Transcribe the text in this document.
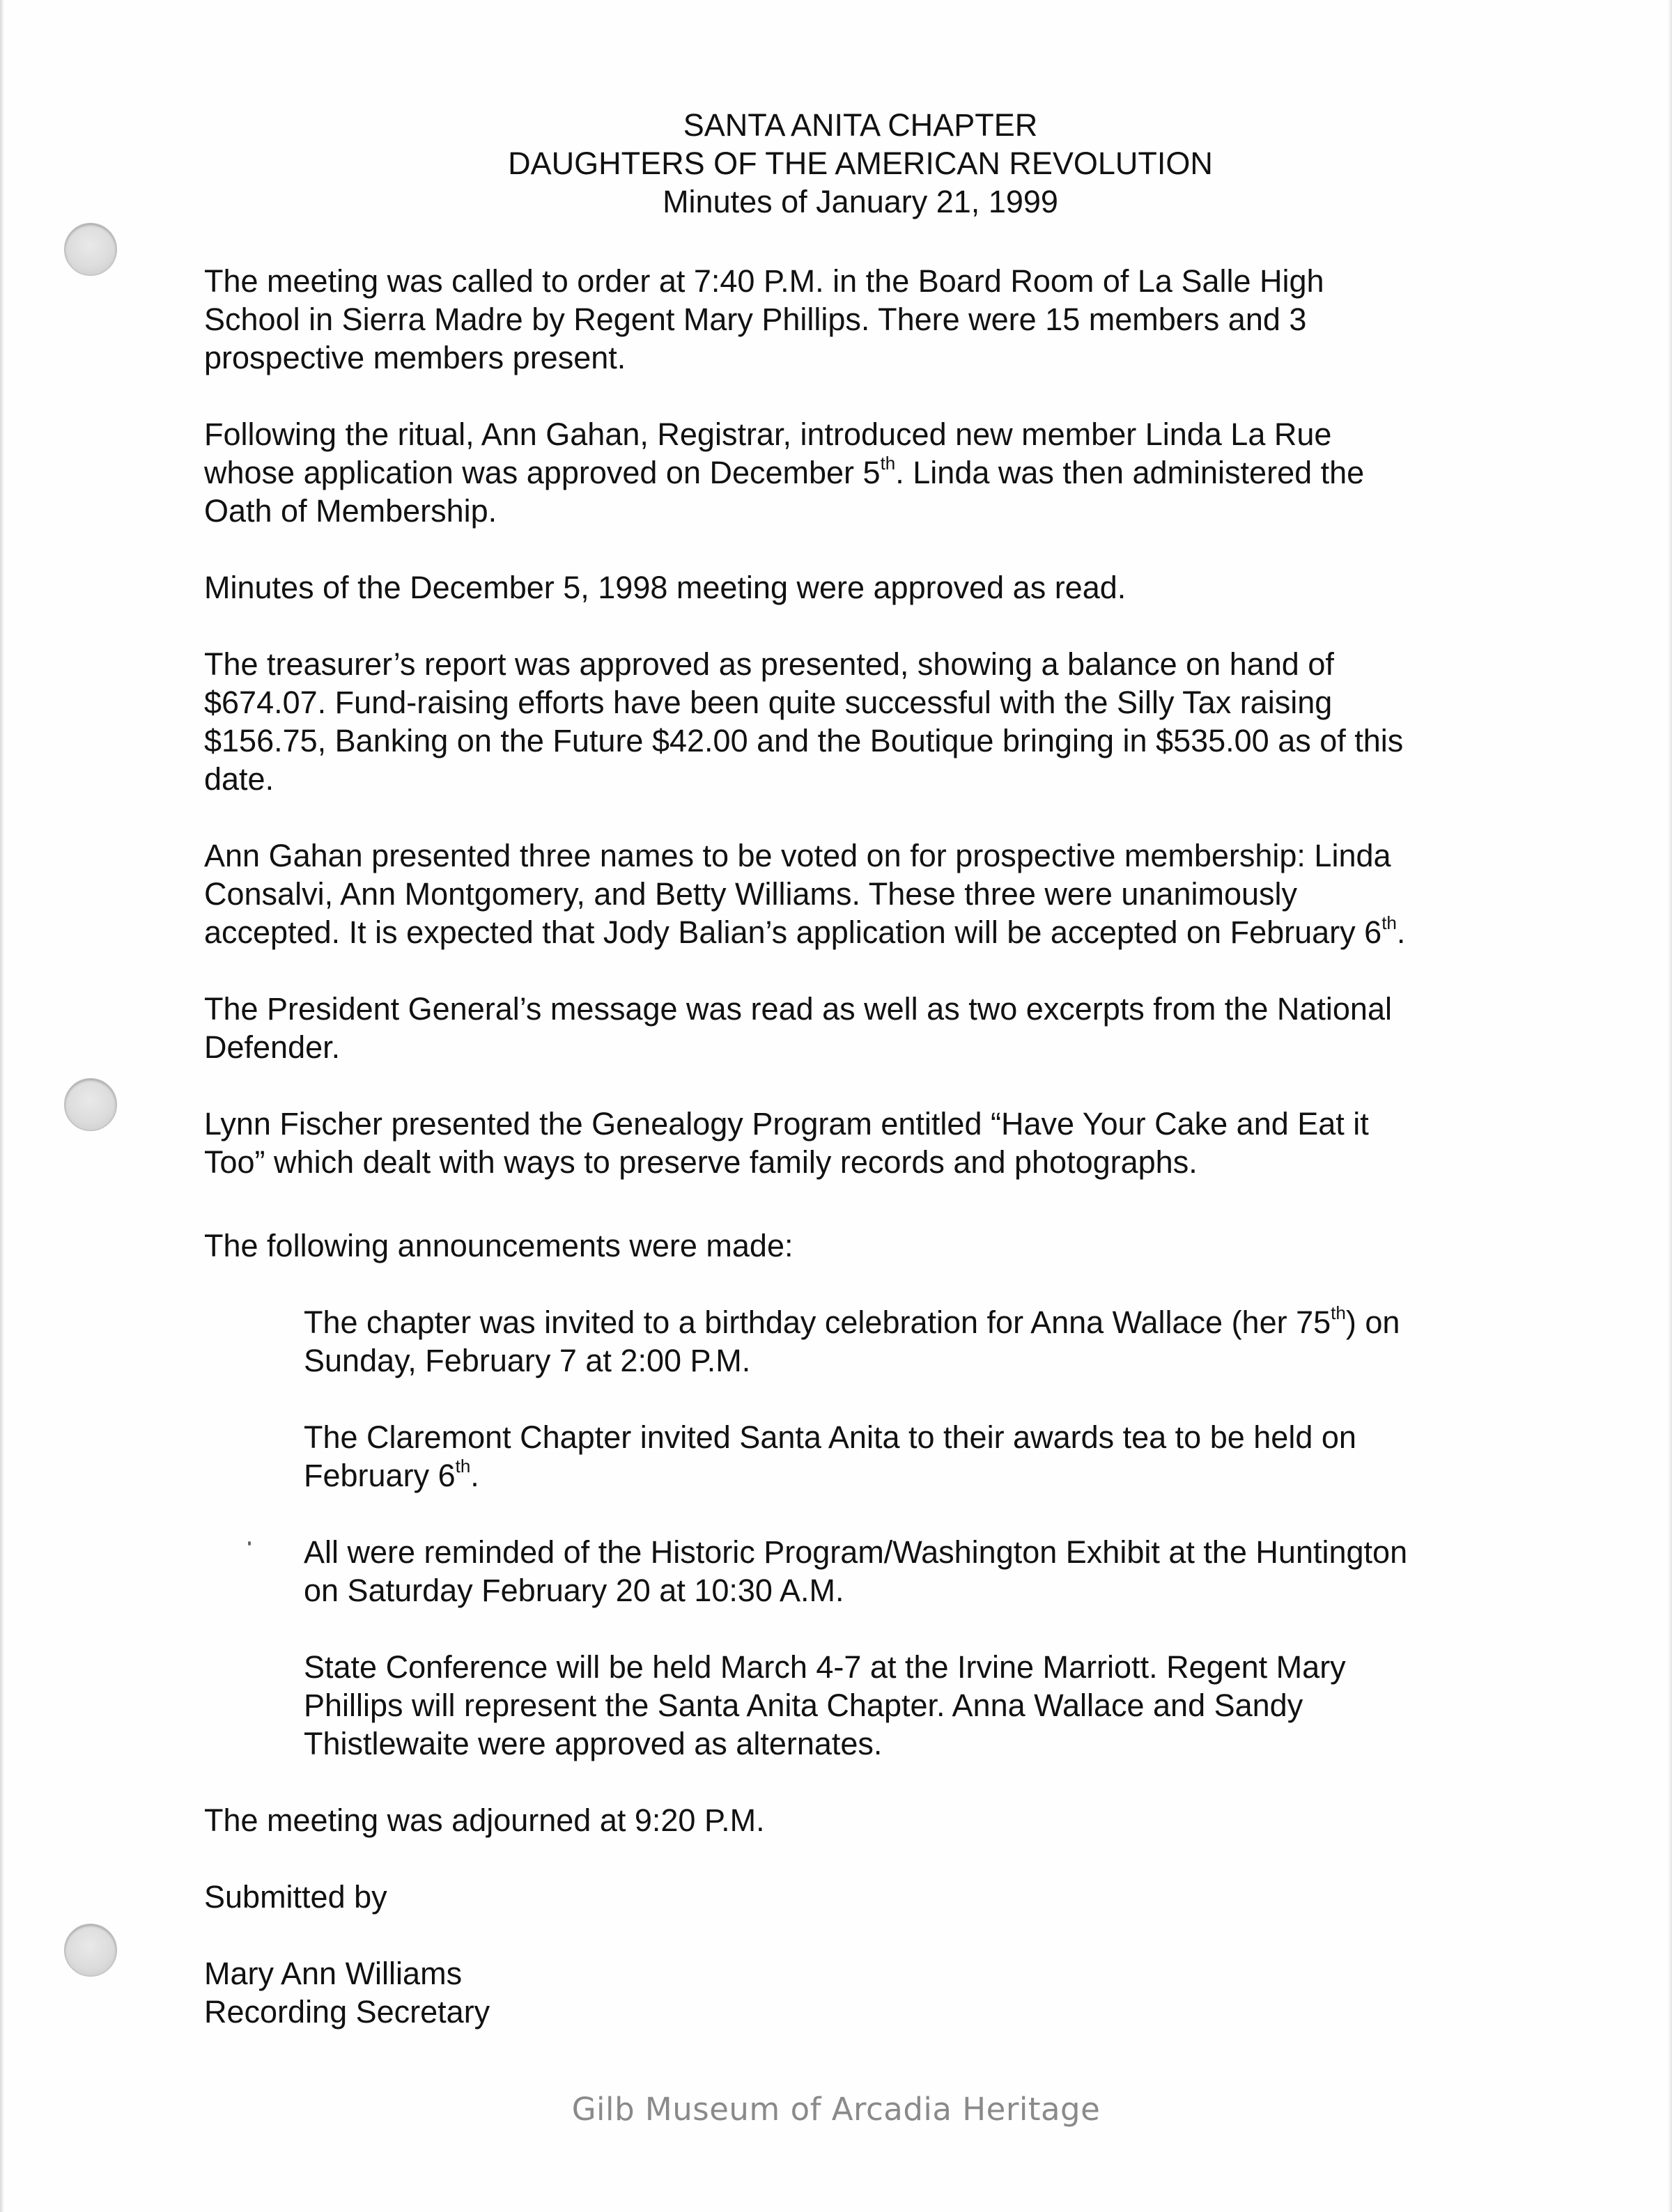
SANTA ANITA CHAPTER
DAUGHTERS OF THE AMERICAN REVOLUTION
Minutes of January 21, 1999

The meeting was called to order at 7:40 P.M. in the Board Room of La Salle High
School in Sierra Madre by Regent Mary Phillips. There were 15 members and 3
prospective members present.

Following the ritual, Ann Gahan, Registrar, introduced new member Linda La Rue
whose application was approved on December 5th. Linda was then administered the
Oath of Membership.

Minutes of the December 5, 1998 meeting were approved as read.

The treasurer’s report was approved as presented, showing a balance on hand of
$674.07. Fund-raising efforts have been quite successful with the Silly Tax raising
$156.75, Banking on the Future $42.00 and the Boutique bringing in $535.00 as of this
date.

Ann Gahan presented three names to be voted on for prospective membership: Linda
Consalvi, Ann Montgomery, and Betty Williams. These three were unanimously
accepted. It is expected that Jody Balian’s application will be accepted on February 6th.

The President General’s message was read as well as two excerpts from the National
Defender.

Lynn Fischer presented the Genealogy Program entitled “Have Your Cake and Eat it
Too” which dealt with ways to preserve family records and photographs.

The following announcements were made:

The chapter was invited to a birthday celebration for Anna Wallace (her 75th) on
Sunday, February 7 at 2:00 P.M.

The Claremont Chapter invited Santa Anita to their awards tea to be held on
February 6th.

All were reminded of the Historic Program/Washington Exhibit at the Huntington
on Saturday February 20 at 10:30 A.M.

State Conference will be held March 4-7 at the Irvine Marriott. Regent Mary
Phillips will represent the Santa Anita Chapter. Anna Wallace and Sandy
Thistlewaite were approved as alternates.

The meeting was adjourned at 9:20 P.M.

Submitted by

Mary Ann Williams

Recording Secretary

Gilb Museum of Arcadia Heritage
